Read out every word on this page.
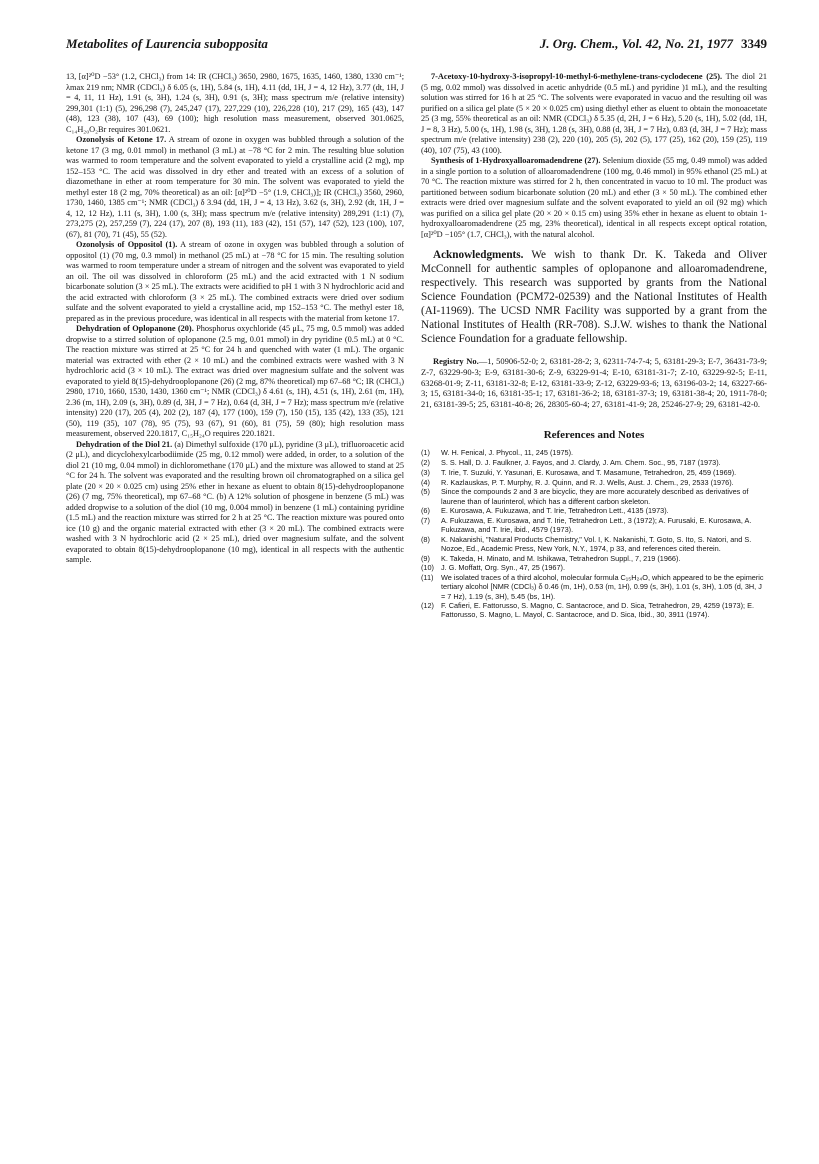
Metabolites of Laurencia subopposita	J. Org. Chem., Vol. 42, No. 21, 1977 3349

13, [α]²⁰D −53° (1.2, CHCl₃) from 14: IR (CHCl₃) 3650, 2980, 1675, 1635, 1460, 1380, 1330 cm⁻¹; λmax 219 nm; NMR (CDCl₃) δ 6.05 (s, 1H), 5.84 (s, 1H), 4.11 (dd, 1H, J = 4, 12 Hz), 3.77 (dt, 1H, J = 4, 11, 11 Hz), 1.91 (s, 3H), 1.24 (s, 3H), 0.91 (s, 3H); mass spectrum m/e (relative intensity) 299,301 (1:1) (5), 296,298 (7), 245,247 (17), 227,229 (10), 226,228 (10), 217 (29), 165 (43), 147 (48), 123 (38), 107 (43), 69 (100); high resolution mass measurement, observed 301.0625, C₁₄H₂₀O₂Br requires 301.0621.

Ozonolysis of Ketone 17. A stream of ozone in oxygen was bubbled through a solution of the ketone 17 (3 mg, 0.01 mmol) in methanol (3 mL) at −78 °C for 2 min. The resulting blue solution was warmed to room temperature and the solvent evaporated to yield a crystalline acid (2 mg), mp 152–153 °C. The acid was dissolved in dry ether and treated with an excess of a solution of diazomethane in ether at room temperature for 30 min. The solvent was evaporated to yield the methyl ester 18 (2 mg, 70% theoretical) as an oil: [α]²⁰D −5° (1.9, CHCl₃)]; IR (CHCl₃) 3560, 2960, 1730, 1460, 1385 cm⁻¹; NMR (CDCl₃) δ 3.94 (dd, 1H, J = 4, 13 Hz), 3.62 (s, 3H), 2.92 (dt, 1H, J = 4, 12, 12 Hz), 1.11 (s, 3H), 1.00 (s, 3H); mass spectrum m/e (relative intensity) 289,291 (1:1) (7), 273,275 (2), 257,259 (7), 224 (17), 207 (8), 193 (11), 183 (42), 151 (57), 147 (52), 123 (100), 107, (67), 81 (70), 71 (45), 55 (52).

Ozonolysis of Oppositol (1). A stream of ozone in oxygen was bubbled through a solution of oppositol (1) (70 mg, 0.3 mmol) in methanol (25 mL) at −78 °C for 15 min. The resulting solution was warmed to room temperature under a stream of nitrogen and the solvent was evaporated to yield an oil. The oil was dissolved in chloroform (25 mL) and the acid extracted with 1 N sodium bicarbonate solution (3 × 25 mL). The extracts were acidified to pH 1 with 3 N hydrochloric acid and the acid extracted with chloroform (3 × 25 mL). The combined extracts were dried over sodium sulfate and the solvent evaporated to yield a crystalline acid, mp 152–153 °C. The methyl ester 18, prepared as in the previous procedure, was identical in all respects with the material from ketone 17.

Dehydration of Oplopanone (20). Phosphorus oxychloride (45 μL, 75 mg, 0.5 mmol) was added dropwise to a stirred solution of oplopanone (2.5 mg, 0.01 mmol) in dry pyridine (0.5 mL) at 0 °C. The reaction mixture was stirred at 25 °C for 24 h and quenched with water (1 mL). The organic material was extracted with ether (2 × 10 mL) and the combined extracts were washed with 3 N hydrochloric acid (3 × 10 mL). The extract was dried over magnesium sulfate and the solvent was evaporated to yield 8(15)-dehydrooplopanone (26) (2 mg, 87% theoretical) mp 67–68 °C; IR (CHCl₃) 2980, 1710, 1660, 1530, 1430, 1360 cm⁻¹; NMR (CDCl₃) δ 4.61 (s, 1H), 4.51 (s, 1H), 2.61 (m, 1H), 2.36 (m, 1H), 2.09 (s, 3H), 0.89 (d, 3H, J = 7 Hz), 0.64 (d, 3H, J = 7 Hz); mass spectrum m/e (relative intensity) 220 (17), 205 (4), 202 (2), 187 (4), 177 (100), 159 (7), 150 (15), 135 (42), 133 (35), 121 (50), 119 (35), 107 (78), 95 (75), 93 (67), 91 (60), 81 (75), 59 (80); high resolution mass measurement, observed 220.1817, C₁₅H₂₄O requires 220.1821.

Dehydration of the Diol 21. (a) Dimethyl sulfoxide (170 μL), pyridine (3 μL), trifluoroacetic acid (2 μL), and dicyclohexylcarbodiimide (25 mg, 0.12 mmol) were added, in order, to a solution of the diol 21 (10 mg, 0.04 mmol) in dichloromethane (170 μL) and the mixture was allowed to stand at 25 °C for 24 h. The solvent was evaporated and the resulting brown oil chromatographed on a silica gel plate (20 × 20 × 0.025 cm) using 25% ether in hexane as eluent to obtain 8(15)-dehydrooplopanone (26) (7 mg, 75% theoretical), mp 67–68 °C. (b) A 12% solution of phosgene in benzene (5 mL) was added dropwise to a solution of the diol (10 mg, 0.004 mmol) in benzene (1 mL) containing pyridine (1.5 mL) and the reaction mixture was stirred for 2 h at 25 °C. The reaction mixture was poured onto ice (10 g) and the organic material extracted with ether (3 × 20 mL). The combined extracts were washed with 3 N hydrochloric acid (2 × 25 mL), dried over magnesium sulfate, and the solvent evaporated to obtain 8(15)-dehydrooplopanone (10 mg), identical in all respects with the authentic sample.

7-Acetoxy-10-hydroxy-3-isopropyl-10-methyl-6-methylene-trans-cyclodecene (25). The diol 21 (5 mg, 0.02 mmol) was dissolved in acetic anhydride (0.5 mL) and pyridine )1 mL), and the resulting solution was stirred for 16 h at 25 °C. The solvents were evaporated in vacuo and the resulting oil was purified on a silica gel plate (5 × 20 × 0.025 cm) using diethyl ether as eluent to obtain the monoacetate 25 (3 mg, 55% theoretical as an oil: NMR (CDCl₃) δ 5.35 (d, 2H, J = 6 Hz), 5.20 (s, 1H), 5.02 (dd, 1H, J = 8, 3 Hz), 5.00 (s, 1H), 1.98 (s, 3H), 1.28 (s, 3H), 0.88 (d, 3H, J = 7 Hz), 0.83 (d, 3H, J = 7 Hz); mass spectrum m/e (relative intensity) 238 (2), 220 (10), 205 (5), 202 (5), 177 (25), 162 (20), 159 (25), 119 (40), 107 (75), 43 (100).

Synthesis of 1-Hydroxyalloaromadendrene (27). Selenium dioxide (55 mg, 0.49 mmol) was added in a single portion to a solution of alloaromadendrene (100 mg, 0.46 mmol) in 95% ethanol (25 mL) at 70 °C. The reaction mixture was stirred for 2 h, then concentrated in vacuo to 10 ml. The product was partitioned between sodium bicarbonate solution (20 mL) and ether (3 × 50 mL). The combined ether extracts were dried over magnesium sulfate and the solvent evaporated to yield an oil (92 mg) which was purified on a silica gel plate (20 × 20 × 0.15 cm) using 35% ether in hexane as eluent to obtain 1-hydroxyalloaromadendrene (25 mg, 23% theoretical), identical in all respects except optical rotation, [α]²⁰D −105° (1.7, CHCl₃), with the natural alcohol.

Acknowledgments. We wish to thank Dr. K. Takeda and Oliver McConnell for authentic samples of oplopanone and alloaromadendrene, respectively. This research was supported by grants from the National Science Foundation (PCM72-02539) and the National Institutes of Health (AI-11969). The UCSD NMR Facility was supported by a grant from the National Institutes of Health (RR-708). S.J.W. wishes to thank the National Science Foundation for a graduate fellowship.

Registry No.—1, 50906-52-0; 2, 63181-28-2; 3, 62311-74-7-4; 5, 63181-29-3; E-7, 36431-73-9; Z-7, 63229-90-3; E-9, 63181-30-6; Z-9, 63229-91-4; E-10, 63181-31-7; Z-10, 63229-92-5; E-11, 63268-01-9; Z-11, 63181-32-8; E-12, 63181-33-9; Z-12, 63229-93-6; 13, 63196-03-2; 14, 63227-66-3; 15, 63181-34-0; 16, 63181-35-1; 17, 63181-36-2; 18, 63181-37-3; 19, 63181-38-4; 20, 1911-78-0; 21, 63181-39-5; 25, 63181-40-8; 26, 28305-60-4; 27, 63181-41-9; 28, 25246-27-9; 29, 63181-42-0.

References and Notes
(1)	W. H. Fenical, J. Phycol., 11, 245 (1975).
(2)	S. S. Hall, D. J. Faulkner, J. Fayos, and J. Clardy, J. Am. Chem. Soc., 95, 7187 (1973).
(3)	T. Irie, T. Suzuki, Y. Yasunari, E. Kurosawa, and T. Masamune, Tetrahedron, 25, 459 (1969).
(4)	R. Kazlauskas, P. T. Murphy, R. J. Quinn, and R. J. Wells, Aust. J. Chem., 29, 2533 (1976).
(5)	Since the compounds 2 and 3 are bicyclic, they are more accurately described as derivatives of laurene than of laurinterol, which has a different carbon skeleton.
(6)	E. Kurosawa, A. Fukuzawa, and T. Irie, Tetrahedron Lett., 4135 (1973).
(7)	A. Fukuzawa, E. Kurosawa, and T. Irie, Tetrahedron Lett., 3 (1972); A. Furusaki, E. Kurosawa, A. Fukuzawa, and T. Irie, ibid., 4579 (1973).
(8)	K. Nakanishi, "Natural Products Chemistry," Vol. I, K. Nakanishi, T. Goto, S. Ito, S. Natori, and S. Nozoe, Ed., Academic Press, New York, N.Y., 1974, p 33, and references cited therein.
(9)	K. Takeda, H. Minato, and M. Ishikawa, Tetrahedron Suppl., 7, 219 (1966).
(10) J. G. Moffatt, Org. Syn., 47, 25 (1967).
(11)	We isolated traces of a third alcohol, molecular formula C₁₅H₂₄O, which appeared to be the epimeric tertiary alcohol [NMR (CDCl₃) δ 0.46 (m, 1H), 0.53 (m, 1H), 0.99 (s, 3H), 1.01 (s, 3H), 1.05 (d, 3H, J = 7 Hz), 1.19 (s, 3H), 5.45 (bs, 1H).
(12) F. Cafieri, E. Fattorusso, S. Magno, C. Santacroce, and D. Sica, Tetrahedron, 29, 4259 (1973); E. Fattorusso, S. Magno, L. Mayol, C. Santacroce, and D. Sica, Ibid., 30, 3911 (1974).
